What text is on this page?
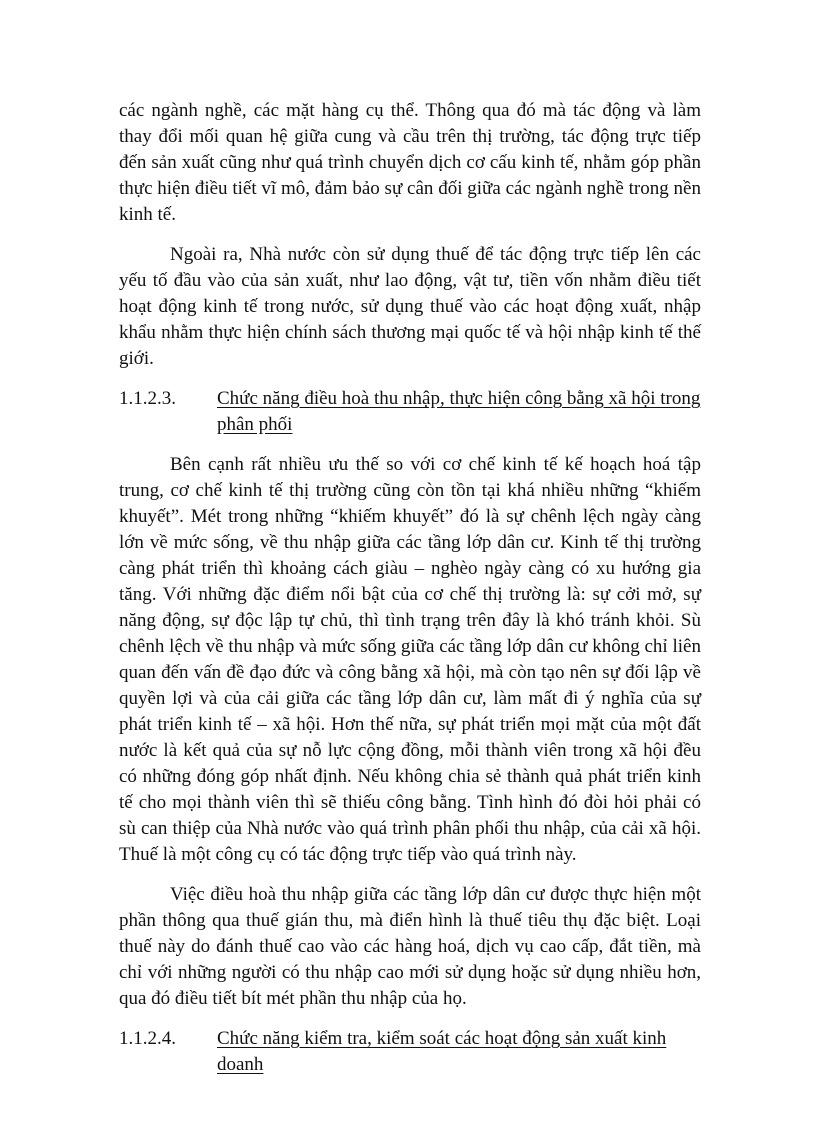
các ngành nghề, các mặt hàng cụ thể. Thông qua đó mà tác động và làm thay đổi mối quan hệ giữa cung và cầu trên thị trường, tác động trực tiếp đến sản xuất cũng như quá trình chuyển dịch cơ cấu kinh tế, nhằm góp phần thực hiện điều tiết vĩ mô, đảm bảo sự cân đối giữa các ngành nghề trong nền kinh tế.

Ngoài ra, Nhà nước còn sử dụng thuế để tác động trực tiếp lên các yếu tố đầu vào của sản xuất, như lao động, vật tư, tiền vốn nhằm điều tiết hoạt động kinh tế trong nước, sử dụng thuế vào các hoạt động xuất, nhập khẩu nhằm thực hiện chính sách thương mại quốc tế và hội nhập kinh tế thế giới.

1.1.2.3.	Chức năng điều hoà thu nhập, thực hiện công bằng xã hội trong phân phối

Bên cạnh rất nhiều ưu thế so với cơ chế kinh tế kế hoạch hoá tập trung, cơ chế kinh tế thị trường cũng còn tồn tại khá nhiều những “khiếm khuyết”. Mét trong những “khiếm khuyết” đó là sự chênh lệch ngày càng lớn về mức sống, về thu nhập giữa các tầng lớp dân cư. Kinh tế thị trường càng phát triển thì khoảng cách giàu – nghèo ngày càng có xu hướng gia tăng. Với những đặc điểm nổi bật của cơ chế thị trường là: sự cởi mở, sự năng động, sự độc lập tự chủ, thì tình trạng trên đây là khó tránh khỏi. Sù chênh lệch về thu nhập và mức sống giữa các tầng lớp dân cư không chỉ liên quan đến vấn đề đạo đức và công bằng xã hội, mà còn tạo nên sự đối lập về quyền lợi và của cải giữa các tầng lớp dân cư, làm mất đi ý nghĩa của sự phát triển kinh tế – xã hội. Hơn thế nữa, sự phát triển mọi mặt của một đất nước là kết quả của sự nỗ lực cộng đồng, mỗi thành viên trong xã hội đều có những đóng góp nhất định. Nếu không chia sẻ thành quả phát triển kinh tế cho mọi thành viên thì sẽ thiếu công bằng. Tình hình đó đòi hỏi phải có sù can thiệp của Nhà nước vào quá trình phân phối thu nhập, của cải xã hội. Thuế là một công cụ có tác động trực tiếp vào quá trình này.

Việc điều hoà thu nhập giữa các tầng lớp dân cư được thực hiện một phần thông qua thuế gián thu, mà điển hình là thuế tiêu thụ đặc biệt. Loại thuế này do đánh thuế cao vào các hàng hoá, dịch vụ cao cấp, đắt tiền, mà chỉ với những người có thu nhập cao mới sử dụng hoặc sử dụng nhiều hơn, qua đó điều tiết bít mét phần thu nhập của họ.

1.1.2.4.	Chức năng kiểm tra, kiểm soát các hoạt động sản xuất kinh doanh
